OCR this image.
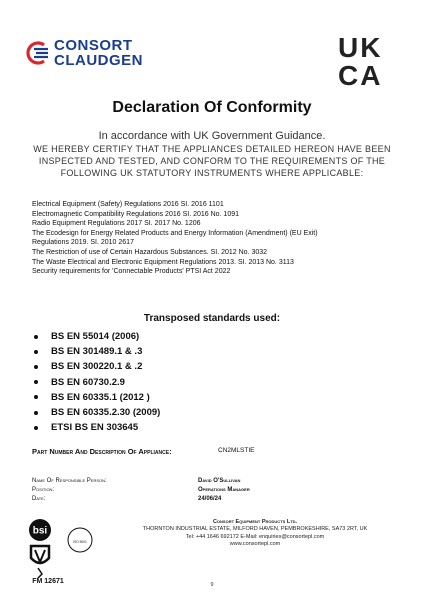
CONSORT
CLAUDGEN	UK
CA
Declaration Of Conformity
In accordance with UK Government Guidance.
WE HEREBY CERTIFY THAT THE APPLIANCES DETAILED HEREON HAVE BEEN
INSPECTED AND TESTED, AND CONFORM TO THE REQUIREMENTS OF THE
FOLLOWING UK STATUTORY INSTRUMENTS WHERE APPLICABLE:
Electrical Equipment (Safety) Regulations 2016 SI. 2016 1101
Electromagnetic Compatibility Regulations 2016 SI. 2016 No. 1091
Radio Equipment Regulations 2017 SI. 2017 No. 1206
The Ecodesign for Energy Related Products and Energy Information (Amendment) (EU Exit)
Regulations 2019. SI. 2010 2617
The Restriction of use of Certain Hazardous Substances. SI. 2012 No. 3032
The Waste Electrical and Electronic Equipment Regulations 2013. SI. 2013 No. 3113
Security requirements for 'Connectable Products' PTSI Act 2022
Transposed standards used:
BS EN 55014 (2006)
BS EN 301489.1 & .3
BS EN 300220.1 & .2
BS EN 60730.2.9
BS EN 60335.1 (2012 )
BS EN 60335.2.30 (2009)
ETSI BS EN 303645
Part Number And Description Of Appliance:	CN2MLSTIE
Name Of Responsible Person:
Position:
Date:
David O'Sullivan
Operations Manager
24/06/24
bsi
ISO 9001
FM 12671
Consort Equipment Products Ltd.
THORNTON INDUSTRIAL ESTATE, MILFORD HAVEN, PEMBROKESHIRE, SA73 2RT, UK
Tel: +44 1646 692172 E-Mail: enquiries@consortepl.com
www.consortepl.com
9
